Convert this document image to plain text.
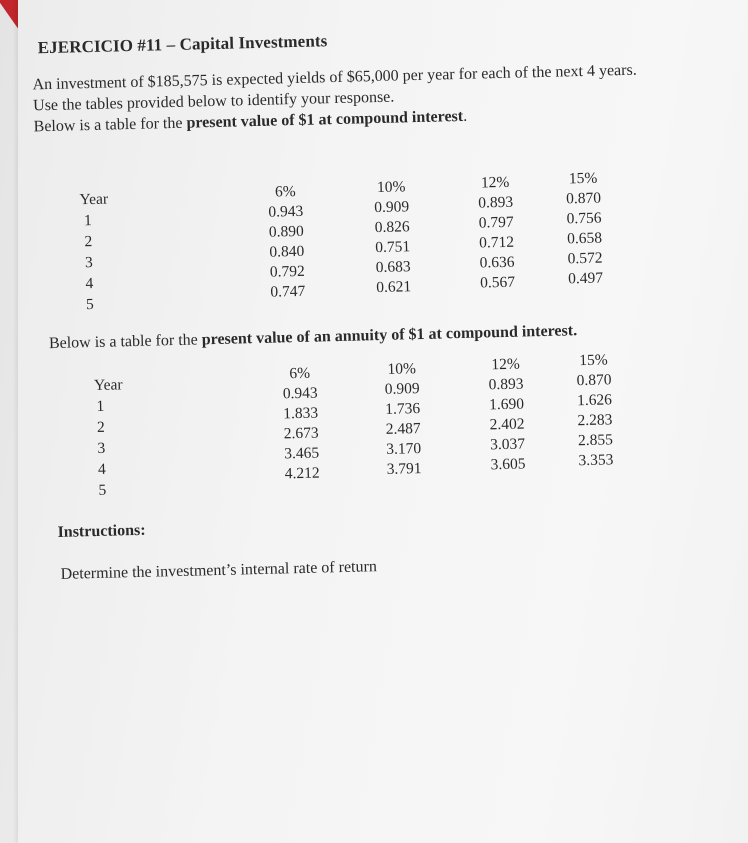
EJERCICIO #11 – Capital Investments
An investment of $185,575 is expected yields of $65,000 per year for each of the next 4 years.
Use the tables provided below to identify your response.
Below is a table for the present value of $1 at compound interest.
Year
1
2
3
4
5
6%
0.943
0.890
0.840
0.792
0.747
10%
0.909
0.826
0.751
0.683
0.621
12%
0.893
0.797
0.712
0.636
0.567
15%
0.870
0.756
0.658
0.572
0.497
Below is a table for the present value of an annuity of $1 at compound interest.
Year
1
2
3
4
5
6%
0.943
1.833
2.673
3.465
4.212
10%
0.909
1.736
2.487
3.170
3.791
12%
0.893
1.690
2.402
3.037
3.605
15%
0.870
1.626
2.283
2.855
3.353
Instructions:
Determine the investment’s internal rate of return
